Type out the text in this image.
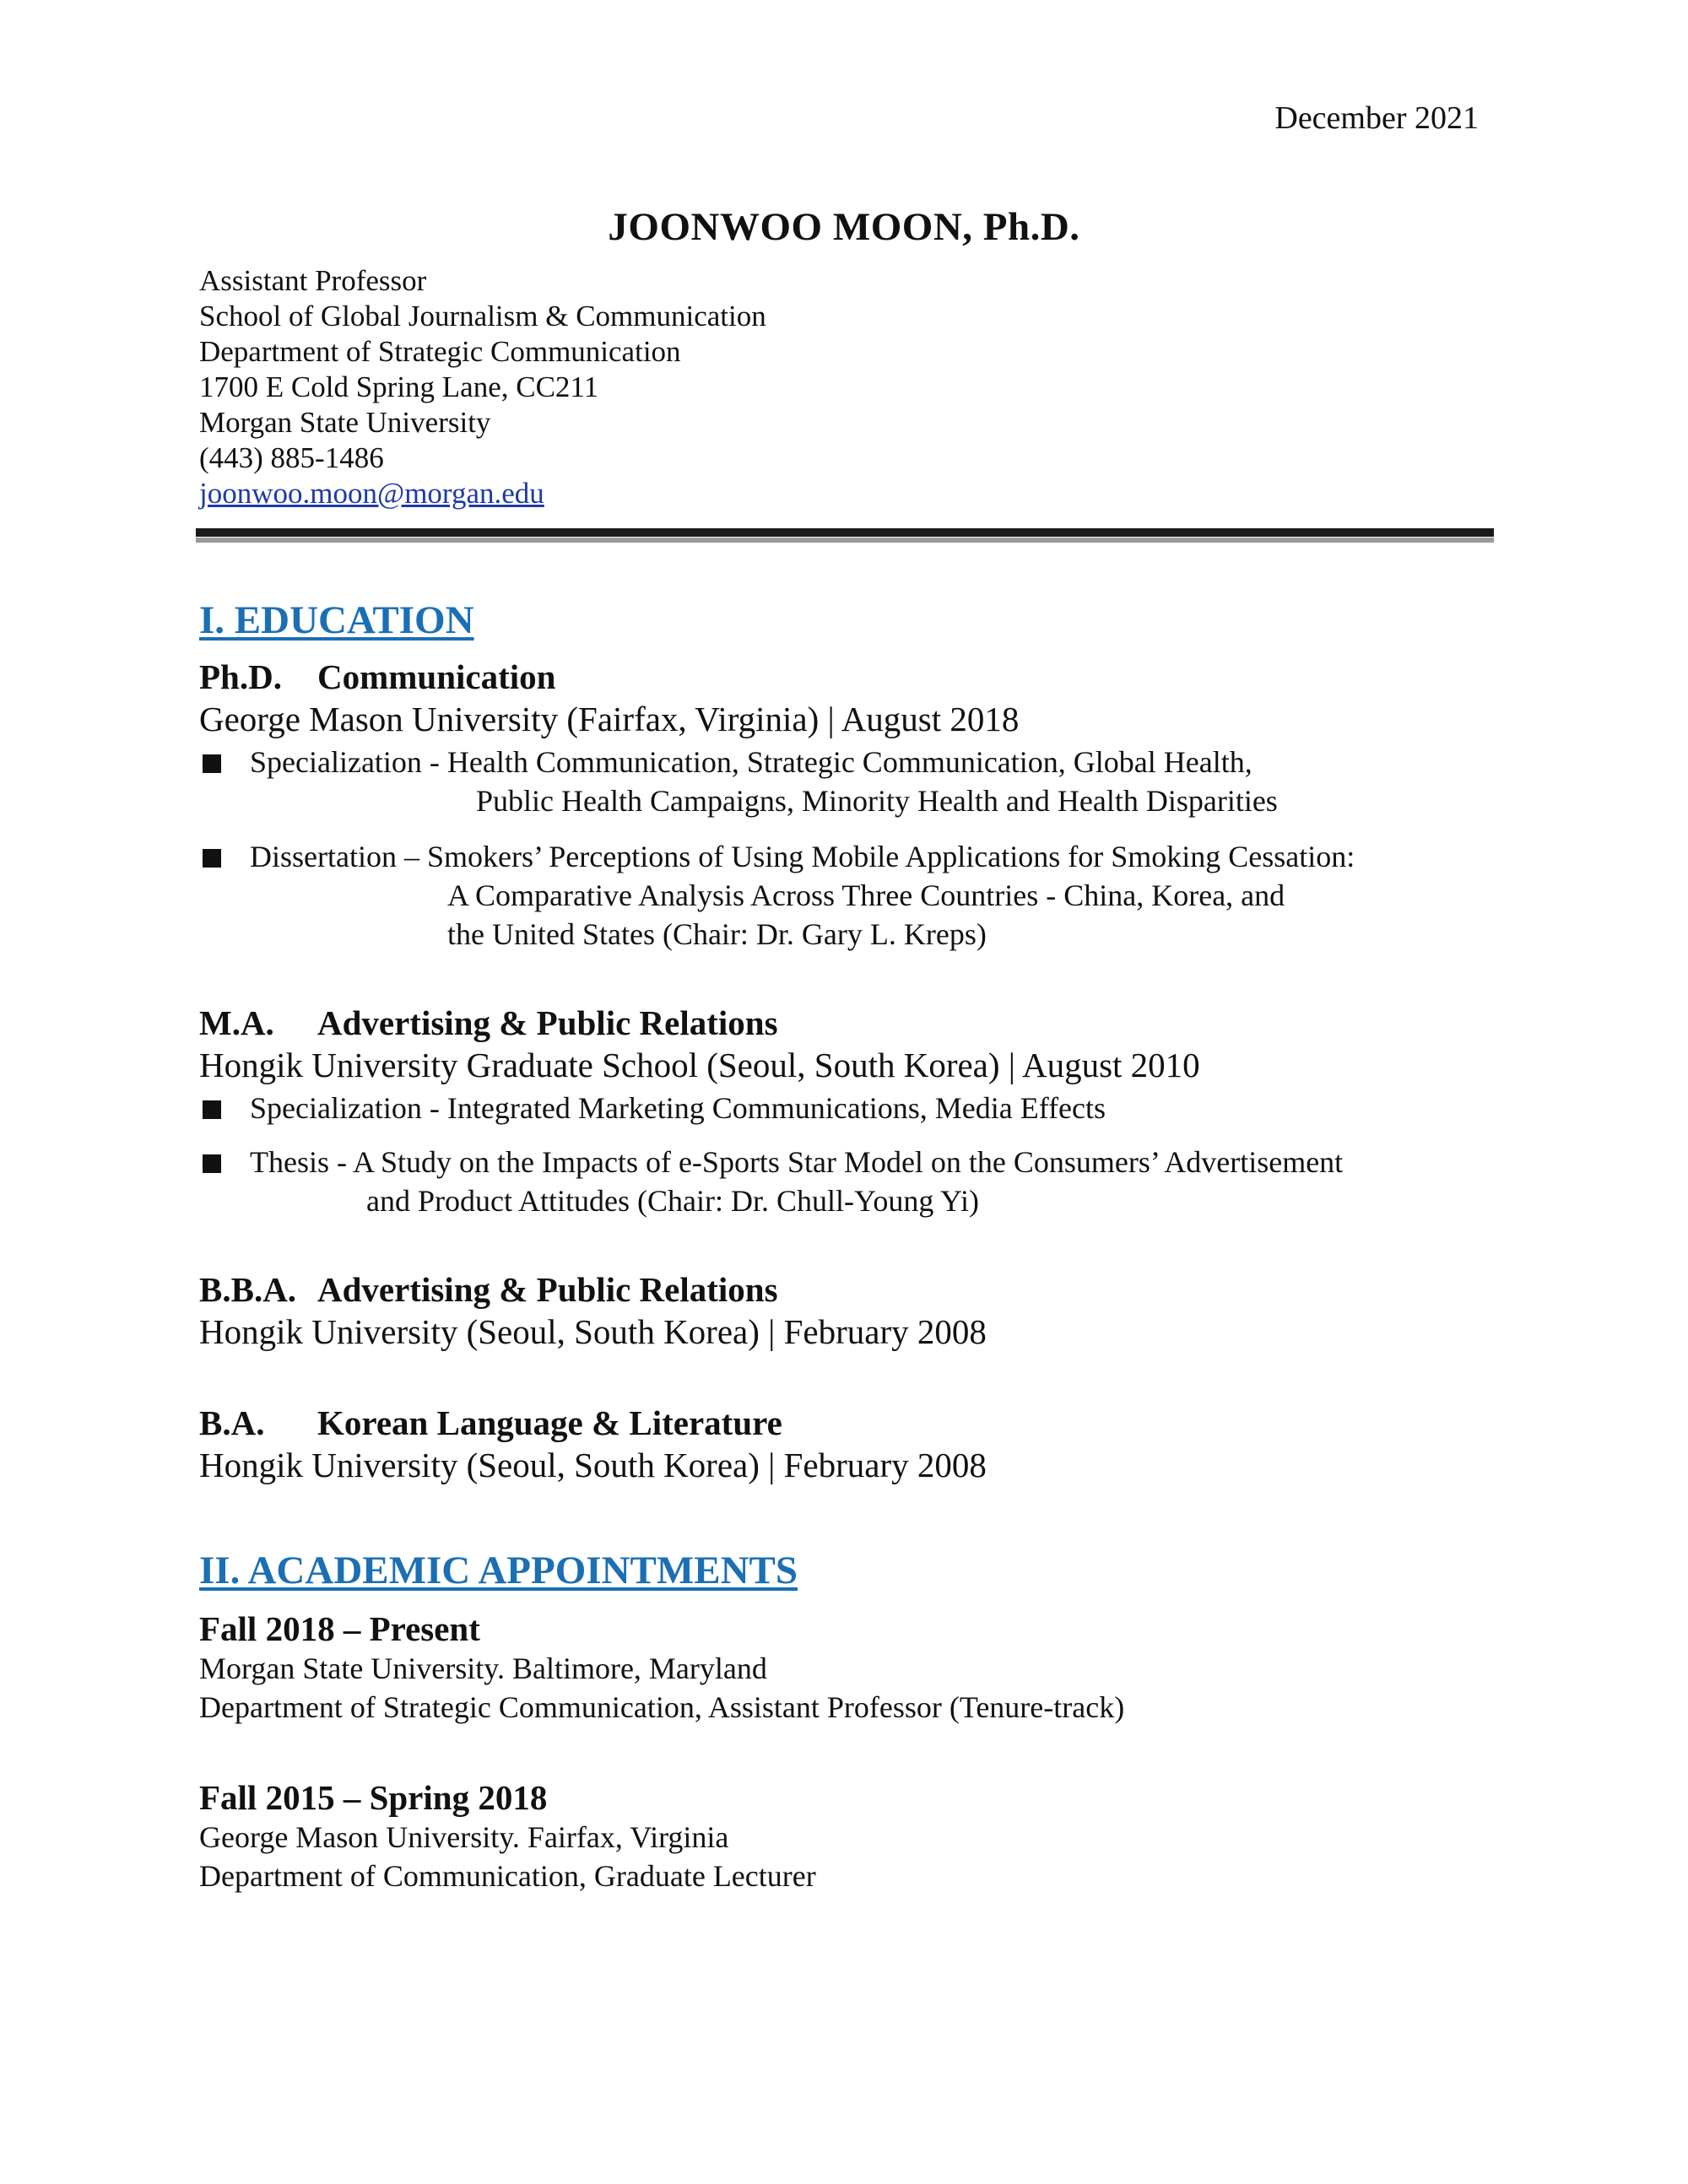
December 2021
JOONWOO MOON, Ph.D.
Assistant Professor
School of Global Journalism & Communication
Department of Strategic Communication
1700 E Cold Spring Lane, CC211
Morgan State University
(443) 885-1486
joonwoo.moon@morgan.edu
I. EDUCATION
Ph.D. Communication
George Mason University (Fairfax, Virginia) | August 2018
Specialization - Health Communication, Strategic Communication, Global Health,
Public Health Campaigns, Minority Health and Health Disparities
Dissertation – Smokers’ Perceptions of Using Mobile Applications for Smoking Cessation:
A Comparative Analysis Across Three Countries - China, Korea, and
the United States (Chair: Dr. Gary L. Kreps)
M.A. Advertising & Public Relations
Hongik University Graduate School (Seoul, South Korea) | August 2010
Specialization - Integrated Marketing Communications, Media Effects
Thesis - A Study on the Impacts of e-Sports Star Model on the Consumers’ Advertisement
and Product Attitudes (Chair: Dr. Chull-Young Yi)
B.B.A. Advertising & Public Relations
Hongik University (Seoul, South Korea) | February 2008
B.A. Korean Language & Literature
Hongik University (Seoul, South Korea) | February 2008
II. ACADEMIC APPOINTMENTS
Fall 2018 – Present
Morgan State University. Baltimore, Maryland
Department of Strategic Communication, Assistant Professor (Tenure-track)
Fall 2015 – Spring 2018
George Mason University. Fairfax, Virginia
Department of Communication, Graduate Lecturer
